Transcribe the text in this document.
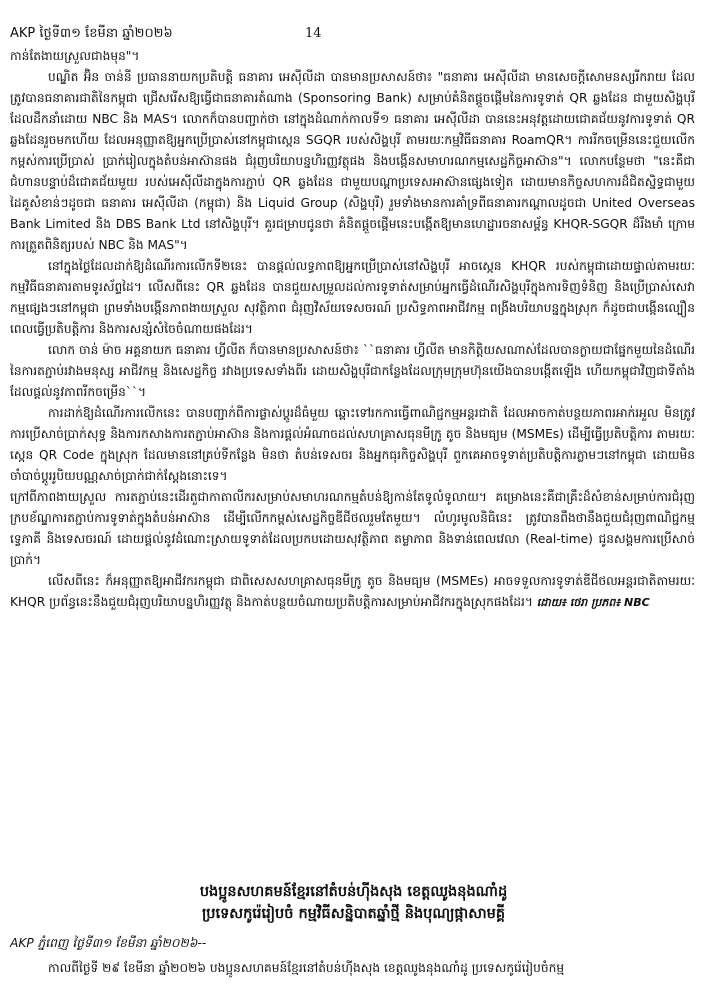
AKP ថ្ងៃទី៣១ ខែមីនា ឆ្នាំ២០២៦	14

កាន់តែងាយស្រួលជាងមុន"។

បណ្ឌិត អ៊ិន ចាន់នី ប្រធាននាយកប្រតិបត្តិ ធនាគារ អេស៊ីលីដា បានមានប្រសាសន៍ថា៖ "ធនាគារ អេស៊ីលីដា មានសេចក្តីសោមនស្សរីករាយ ដែលត្រូវបានធនាគារជាតិនៃកម្ពុជា ជ្រើសរើសឱ្យធ្វើជាធនាគារតំណាង (Sponsoring Bank) សម្រាប់គំនិតផ្តួចផ្តើមនៃការទូទាត់ QR ឆ្លងដែន ជាមួយសិង្ហបុរី ដែលដឹកនាំដោយ NBC និង MAS។ លោកក៏បានបញ្ជាក់ថា នៅក្នុងដំណាក់កាលទី១ ធនាគារ អេស៊ីលីដា បាននេះអនុវត្តដោយជោគជ័យនូវការទូទាត់ QR ឆ្លងដែនរួចមកហើយ ដែលអនុញ្ញាតឱ្យអ្នកប្រើប្រាស់នៅកម្ពុជាស្កេន SGQR របស់សិង្ហបុរី តាមរយៈកម្មវិធីធនាគារ RoamQR។ ការរីកចម្រើននេះជួយលើកកម្ពស់ការប្រើប្រាស់ ប្រាក់រៀលក្នុងតំបន់អាស៊ានផង ជំរុញបរិយាបន្នហិរញ្ញវត្ថុផង និងបង្កើនសមាហរណកម្មសេដ្ឋកិច្ចអាស៊ាន"។ លោកបន្ថែមថា "នេះគឺជាជំហានបន្ទាប់ដ៏ជោគជ័យមួយ របស់អេស៊ីលីដាក្នុងការភ្ជាប់ QR ឆ្លងដែន ជាមួយបណ្តាប្រទេសអាស៊ានផ្សេងទៀត ដោយមានកិច្ចសហការដ៏ជិតស្និទ្ធជាមួយដៃគូសំខាន់ៗដូចជា ធនាគារ អេស៊ីលីដា (កម្ពុជា) និង Liquid Group (សិង្ហបុរី) រួមទាំងមានការគាំទ្រពីធនាគារកណ្តាលដូចជា United Overseas Bank Limited និង DBS Bank Ltd នៅសិង្ហបុរី។ គួរជម្រាបជូនថា គំនិតផ្តួចផ្តើមនេះបង្កើតឱ្យមានហេដ្ឋារចនាសម្ព័ន្ធ KHQR-SGQR ដ៏រឹងមាំ ក្រោមការត្រួតពិនិត្យរបស់ NBC និង MAS"។

នៅក្នុងថ្ងៃដែលដាក់ឱ្យដំណើរការលើកទី២នេះ បានផ្តល់លទ្ធភាពឱ្យអ្នកប្រើប្រាស់នៅសិង្ហបុរី អាចស្កេន KHQR របស់កម្ពុជាដោយផ្ទាល់តាមរយៈកម្មវិធីធនាគារតាមទូរស័ព្ទដៃ។ លើសពីនេះ QR ឆ្លងដែន បានជួយសម្រួលដល់ការទូទាត់សម្រាប់អ្នកធ្វើដំណើរសិង្ហបុរីក្នុងការទិញទំនិញ និងប្រើប្រាស់សេវាកម្មផ្សេងៗនៅកម្ពុជា ព្រមទាំងបង្កើនភាពងាយស្រួល សុវត្ថិភាព ជំរុញវិស័យទេសចរណ៍ ប្រសិទ្ធភាពអាជីវកម្ម ពង្រីងបរិយាបន្នក្នុងស្រុក ក៏ដូចជាបង្កើនល្បឿនពេលធ្វើប្រតិបត្តិការ និងការសន្សំសំចៃចំណាយផងដែរ។

លោក ចាន់ ម៉ាច អគ្គនាយក ធនាគារ ហ្វីលីត ក៏បានមានប្រសាសន៍ថា៖ ``ធនាគារ ហ្វីលីត មានកិត្តិយសណាស់ដែលបានក្លាយជាផ្នែកមួយនៃដំណើរនៃការតភ្ជាប់រវាងមនុស្ស អាជីវកម្ម និងសេដ្ឋកិច្ច រវាងប្រទេសទាំងពីរ ដោយសិង្ហបុរីជាកន្លែងដែលក្រុមក្រុមហ៊ុនយើងបានបង្កើតឡើង ហើយកម្ពុជាវិញជាទីតាំងដែលផ្តល់នូវភាពរីកចម្រើន``។

ការដាក់ឱ្យដំណើរការលើកនេះ បានបញ្ជាក់ពីការផ្លាស់ប្តូរដ៏ធំមួយ ឆ្ពោះទៅរកការធ្វើពាណិជ្ជកម្មអន្តរជាតិ ដែលអាចកាត់បន្ថយភាពរអាក់រអួល មិនត្រូវការប្រើសាច់ប្រាក់សុទ្ធ និងការកសាងការតភ្ជាប់អាស៊ាន និងការផ្តល់អំណាចដល់សហគ្រាសធុនមីក្រូ តូច និងមធ្យម (MSMEs) ដើម្បីធ្វើប្រតិបត្តិការ តាមរយៈស្កេន QR Code ក្នុងស្រុក ដែលមាននៅគ្រប់ទីកន្លែង មិនថា តំបន់ទេសចរ និងអ្នកធុរកិច្ចសិង្ហបុរី ពួកគេអាចទូទាត់ប្រតិបត្តិការភ្លាមៗនៅកម្ពុជា ដោយមិនចាំបាច់ប្តូររូបិយបណ្ណសាច់ប្រាក់ជាក់ស្តែងនោះទេ។

ក្រៅពីភាពងាយស្រួល ការតភ្ជាប់នេះដើរតួជាកាតាលីករសម្រាប់សមាហរណកម្មតំបន់ឱ្យកាន់តែទូលំទូលាយ។ គម្រោងនេះគឺជាគ្រឹះដ៏សំខាន់សម្រាប់ការជំរុញក្របខ័ណ្ឌការតភ្ជាប់ការទូទាត់ក្នុងតំបន់អាស៊ាន ដើម្បីលើកកម្ពស់សេដ្ឋកិច្ចឌីជីថលរួមតែមួយ។ លំហូរមូលនិធិនេះ ត្រូវបានពឹងថានឹងជួយជំរុញពាណិជ្ជកម្មទ្វេភាគី និងទេសចរណ៍ ដោយផ្តល់នូវដំណោះស្រាយទូទាត់ដែលប្រកបដោយសុវត្ថិភាព តម្លាភាព និងទាន់ពេលវេលា (Real-time) ជូនសង្គមការប្រើសាច់ប្រាក់។

លើសពីនេះ ក៏អនុញ្ញាតឱ្យអាជីវករកម្ពុជា ជាពិសេសសហគ្រាសធុនមីក្រូ តូច និងមធ្យម (MSMEs) អាចទទួលការទូទាត់ឌីជីថលអន្តរជាតិតាមរយៈ KHQR ប្រព័ន្ធនេះនឹងជួយជំរុញបរិយាបន្នហិរញ្ញវត្ថុ និងកាត់បន្ថយចំណាយប្រតិបត្តិការសម្រាប់អាជីវករក្នុងស្រុកផងដែរ។ ដោយ៖ ថេរា ប្រភព៖ NBC

បងប្អូនសហគមន៍ខ្មែរនៅតំបន់ហ៊ីងសុង ខេត្តឈូងនុងណាំដូ
ប្រទេសកូរ៉េរៀបចំ កម្មវិធីសន្និបាតឆ្នាំថ្មី និងបុណ្យផ្កាសាមគ្គី
AKP ភ្នំពេញ ថ្ងៃទី៣១ ខែមីនា ឆ្នាំ២០២៦--
កាលពីថ្ងៃទី ២៩ ខែមីនា ឆ្នាំ២០២៦ បងប្អូនសហគមន៍ខ្មែរនៅតំបន់ហ៊ីងសុង ខេត្តឈូងនុងណាំដូ ប្រទេសកូរ៉េរៀបចំកម្ម
